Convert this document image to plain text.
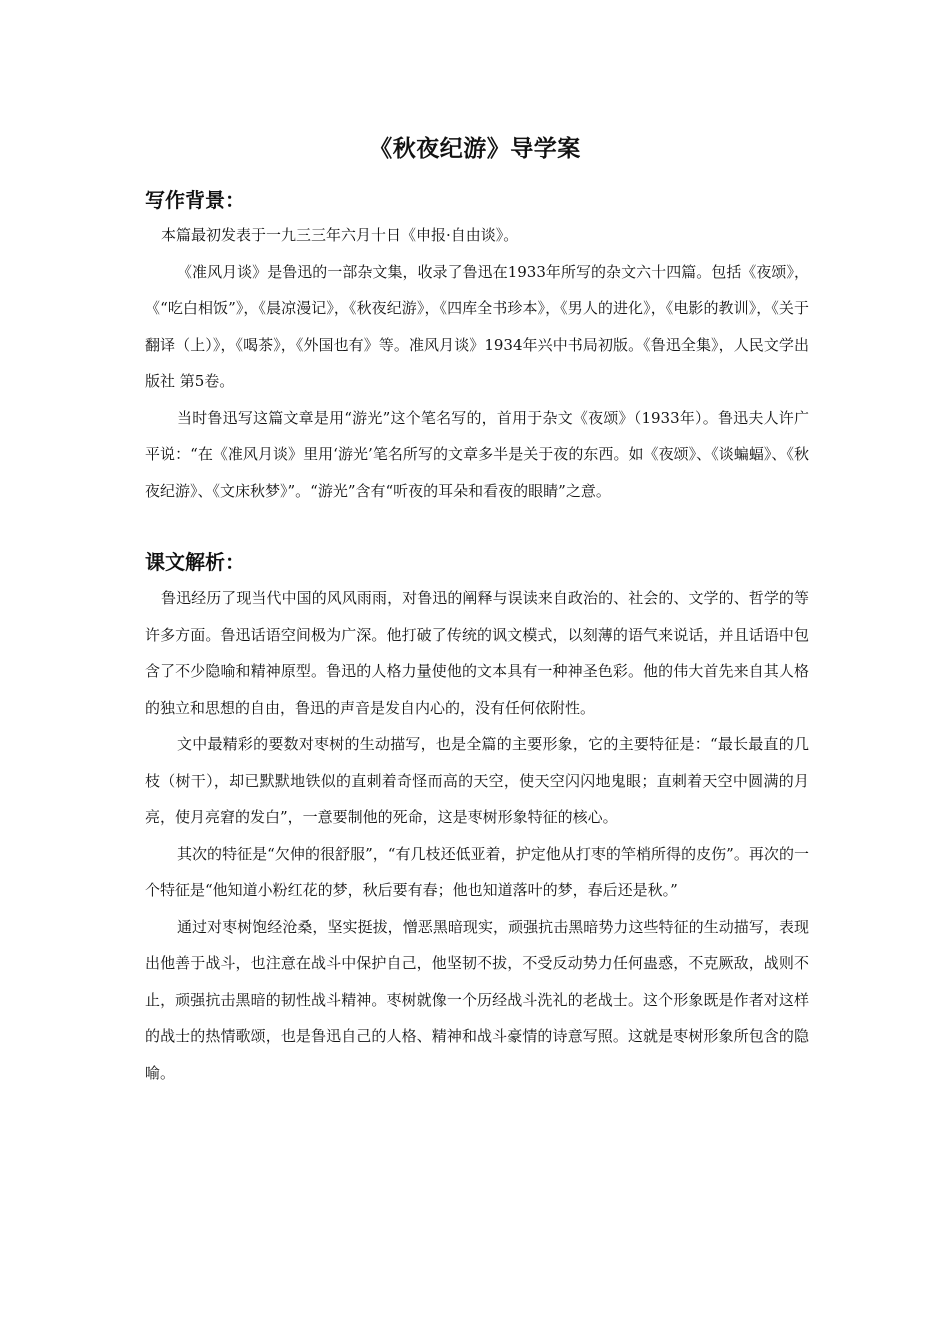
《秋夜纪游》导学案
写作背景：

本篇最初发表于一九三三年六月十日《申报·自由谈》。

《准风月谈》是鲁迅的一部杂文集，收录了鲁迅在1933年所写的杂文六十四篇。包括《夜颂》，《“吃白相饭”》，《晨凉漫记》，《秋夜纪游》，《四库全书珍本》，《男人的进化》，《电影的教训》，《关于翻译（上）》，《喝茶》，《外国也有》等。准风月谈》1934年兴中书局初版。《鲁迅全集》，人民文学出版社 第5卷。

当时鲁迅写这篇文章是用“游光”这个笔名写的，首用于杂文《夜颂》（1933年）。鲁迅夫人许广平说：“在《准风月谈》里用‘游光’笔名所写的文章多半是关于夜的东西。如《夜颂》、《谈蝙蝠》、《秋夜纪游》、《文床秋梦》”。“游光”含有“听夜的耳朵和看夜的眼睛”之意。

课文解析：

鲁迅经历了现当代中国的风风雨雨，对鲁迅的阐释与误读来自政治的、社会的、文学的、哲学的等许多方面。鲁迅话语空间极为广深。他打破了传统的讽文模式，以刻薄的语气来说话，并且话语中包含了不少隐喻和精神原型。鲁迅的人格力量使他的文本具有一种神圣色彩。他的伟大首先来自其人格的独立和思想的自由，鲁迅的声音是发自内心的，没有任何依附性。

文中最精彩的要数对枣树的生动描写，也是全篇的主要形象，它的主要特征是：“最长最直的几枝（树干），却已默默地铁似的直刺着奇怪而高的天空，使天空闪闪地鬼眼；直刺着天空中圆满的月亮，使月亮窘的发白”，一意要制他的死命，这是枣树形象特征的核心。

其次的特征是“欠伸的很舒服”，“有几枝还低亚着，护定他从打枣的竿梢所得的皮伤”。再次的一个特征是“他知道小粉红花的梦，秋后要有春；他也知道落叶的梦，春后还是秋。”

通过对枣树饱经沧桑，坚实挺拔，憎恶黑暗现实，顽强抗击黑暗势力这些特征的生动描写，表现出他善于战斗，也注意在战斗中保护自己，他坚韧不拔，不受反动势力任何蛊惑，不克厥敌，战则不止，顽强抗击黑暗的韧性战斗精神。枣树就像一个历经战斗洗礼的老战士。这个形象既是作者对这样的战士的热情歌颂，也是鲁迅自己的人格、精神和战斗豪情的诗意写照。这就是枣树形象所包含的隐喻。
